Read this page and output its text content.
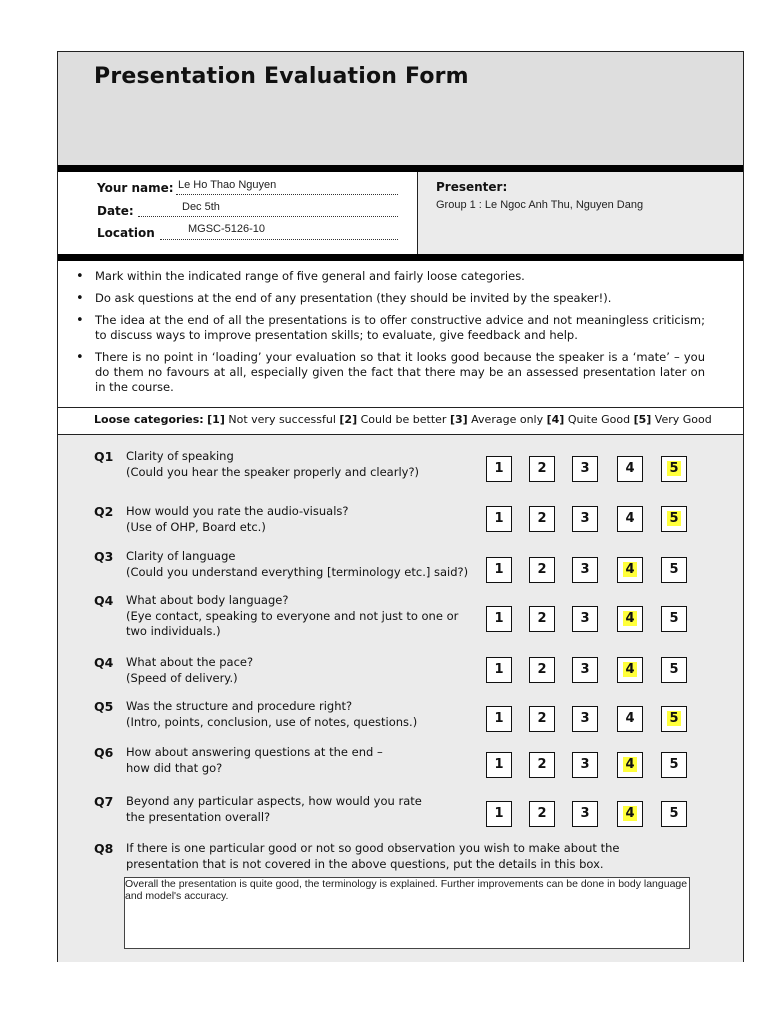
Presentation Evaluation Form
Your name: Le Ho Thao Nguyen
Date:	Dec 5th
Location	MGSC-5126-10
Presenter:
Group 1 : Le Ngoc Anh Thu, Nguyen Dang
• Mark within the indicated range of five general and fairly loose categories.
• Do ask questions at the end of any presentation (they should be invited by the speaker!).
• The idea at the end of all the presentations is to offer constructive advice and not meaningless criticism; to discuss ways to improve presentation skills; to evaluate, give feedback and help.
• There is no point in ‘loading’ your evaluation so that it looks good because the speaker is a ‘mate’ – you do them no favours at all, especially given the fact that there may be an assessed presentation later on in the course.
Loose categories: [1] Not very successful [2] Could be better [3] Average only [4] Quite Good [5] Very Good
Q1 Clarity of speaking
(Could you hear the speaker properly and clearly?)	1	2	3	4	5
Q2 How would you rate the audio-visuals?
(Use of OHP, Board etc.)
1	2	3	4	5
Q3 Clarity of language
(Could you understand everything [terminology etc.] said?)	1	2	3	4	5
Q4 What about body language?
(Eye contact, speaking to everyone and not just to one or
two individuals.)
1	2	3	4	5
Q4 What about the pace?
(Speed of delivery.)
1	2	3	4	5
Q5 Was the structure and procedure right?
(Intro, points, conclusion, use of notes, questions.)	1	2	3	4	5
Q6 How about answering questions at the end –
how did that go?	1	2	3	4	5
Q7 Beyond any particular aspects, how would you rate
the presentation overall?	1	2	3	4	5
Q8 If there is one particular good or not so good observation you wish to make about the
presentation that is not covered in the above questions, put the details in this box.
Overall the presentation is quite good, the terminology is explained. Further improvements can be done in body language and model's accuracy.
